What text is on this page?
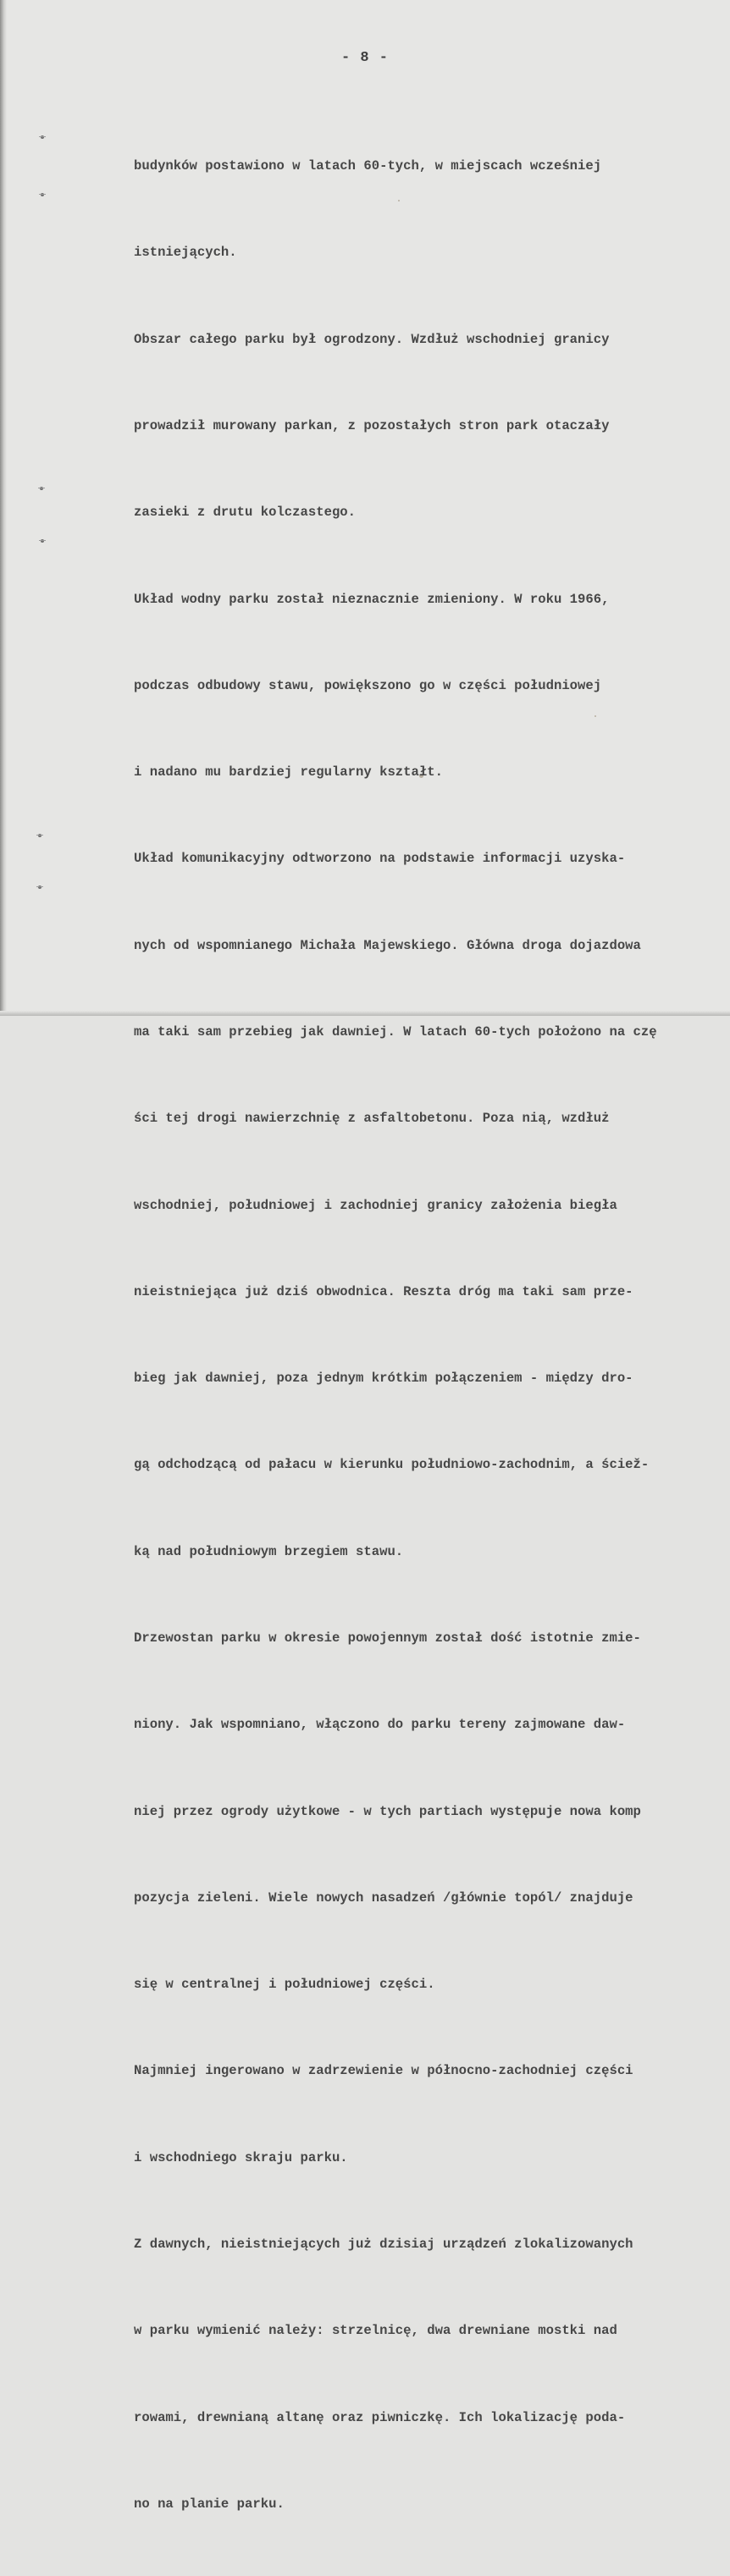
- 8 -

budynków postawiono w latach 60-tych, w miejscach wcześniej

istniejących.

Obszar całego parku był ogrodzony. Wzdłuż wschodniej granicy

prowadził murowany parkan, z pozostałych stron park otaczały

zasieki z drutu kolczastego.

Układ wodny parku został nieznacznie zmieniony. W roku 1966,

podczas odbudowy stawu, powiększono go w części południowej

i nadano mu bardziej regularny kształt.

Układ komunikacyjny odtworzono na podstawie informacji uzyska-

nych od wspomnianego Michała Majewskiego. Główna droga dojazdowa

ma taki sam przebieg jak dawniej. W latach 60-tych położono na czę

ści tej drogi nawierzchnię z asfaltobetonu. Poza nią, wzdłuż

wschodniej, południowej i zachodniej granicy założenia biegła

nieistniejąca już dziś obwodnica. Reszta dróg ma taki sam prze-

bieg jak dawniej, poza jednym krótkim połączeniem - między dro-

gą odchodzącą od pałacu w kierunku południowo-zachodnim, a ściež-

ką nad południowym brzegiem stawu.

Drzewostan parku w okresie powojennym został dość istotnie zmie-

niony. Jak wspomniano, włączono do parku tereny zajmowane daw-

niej przez ogrody użytkowe - w tych partiach występuje nowa komp

pozycja zieleni. Wiele nowych nasadzeń /głównie topól/ znajduje

się w centralnej i południowej części.

Najmniej ingerowano w zadrzewienie w północno-zachodniej części

i wschodniego skraju parku.

Z dawnych, nieistniejących już dzisiaj urządzeń zlokalizowanych

w parku wymienić należy: strzelnicę, dwa drewniane mostki nad

rowami, drewnianą altanę oraz piwniczkę. Ich lokalizację poda-

no na planie parku.
